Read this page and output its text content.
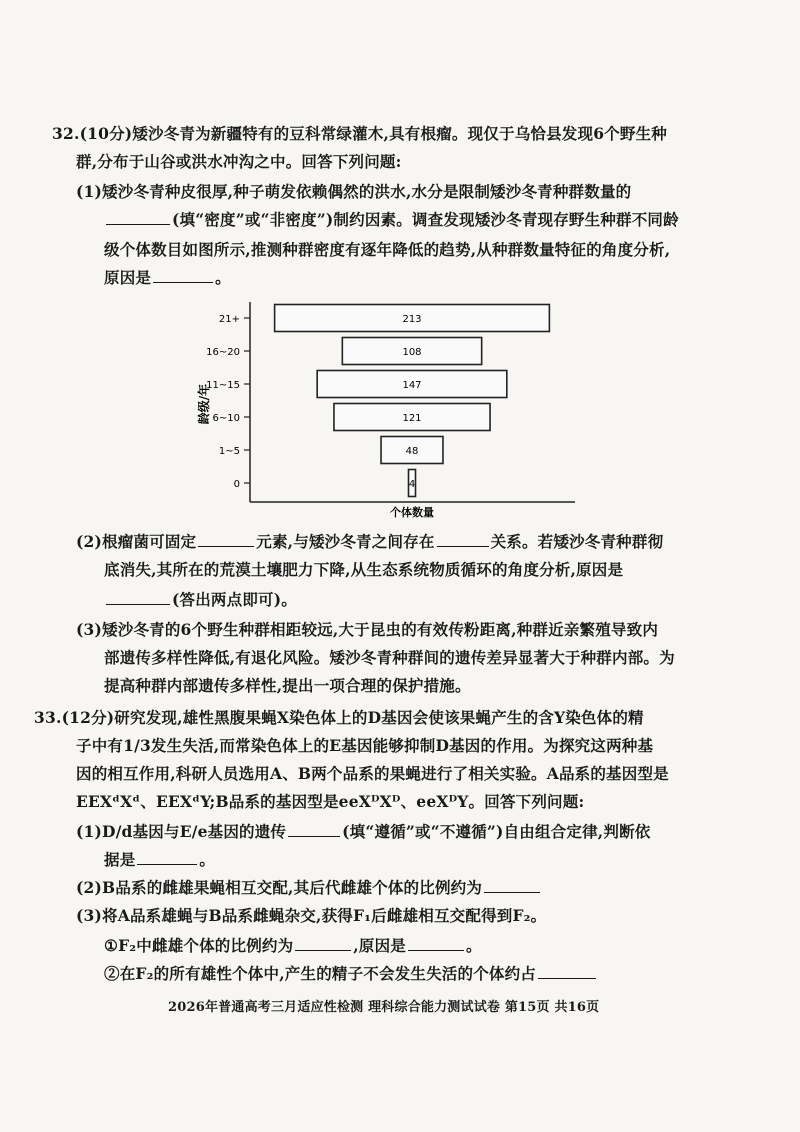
32.(10分)矮沙冬青为新疆特有的豆科常绿灌木,具有根瘤。现仅于乌恰县发现6个野生种
群,分布于山谷或洪水冲沟之中。回答下列问题:
(1)矮沙冬青种皮很厚,种子萌发依赖偶然的洪水,水分是限制矮沙冬青种群数量的
(填“密度”或“非密度”)制约因素。调查发现矮沙冬青现存野生种群不同龄
级个体数目如图所示,推测种群密度有逐年降低的趋势,从种群数量特征的角度分析,
原因是	。
龄级/年
个体数量
21+	213
16~20	108
11~15	147
6~10	121
1~5	48
0	4
(2)根瘤菌可固定	元素,与矮沙冬青之间存在	关系。若矮沙冬青种群彻
底消失,其所在的荒漠土壤肥力下降,从生态系统物质循环的角度分析,原因是
(答出两点即可)。
(3)矮沙冬青的6个野生种群相距较远,大于昆虫的有效传粉距离,种群近亲繁殖导致内
部遗传多样性降低,有退化风险。矮沙冬青种群间的遗传差异显著大于种群内部。为
提高种群内部遗传多样性,提出一项合理的保护措施。
33.(12分)研究发现,雄性黑腹果蝇X染色体上的D基因会使该果蝇产生的含Y染色体的精
子中有1/3发生失活,而常染色体上的E基因能够抑制D基因的作用。为探究这两种基
因的相互作用,科研人员选用A、B两个品系的果蝇进行了相关实验。A品系的基因型是
EEXᵈXᵈ、EEXᵈY;B品系的基因型是eeXᴰXᴰ、eeXᴰY。回答下列问题:
(1)D/d基因与E/e基因的遗传	(填“遵循”或“不遵循”)自由组合定律,判断依
据是	。
(2)B品系的雌雄果蝇相互交配,其后代雌雄个体的比例约为
(3)将A品系雄蝇与B品系雌蝇杂交,获得F₁后雌雄相互交配得到F₂。
①F₂中雌雄个体的比例约为	,原因是	。
②在F₂的所有雄性个体中,产生的精子不会发生失活的个体约占
2026年普通高考三月适应性检测 理科综合能力测试试卷 第15页 共16页
